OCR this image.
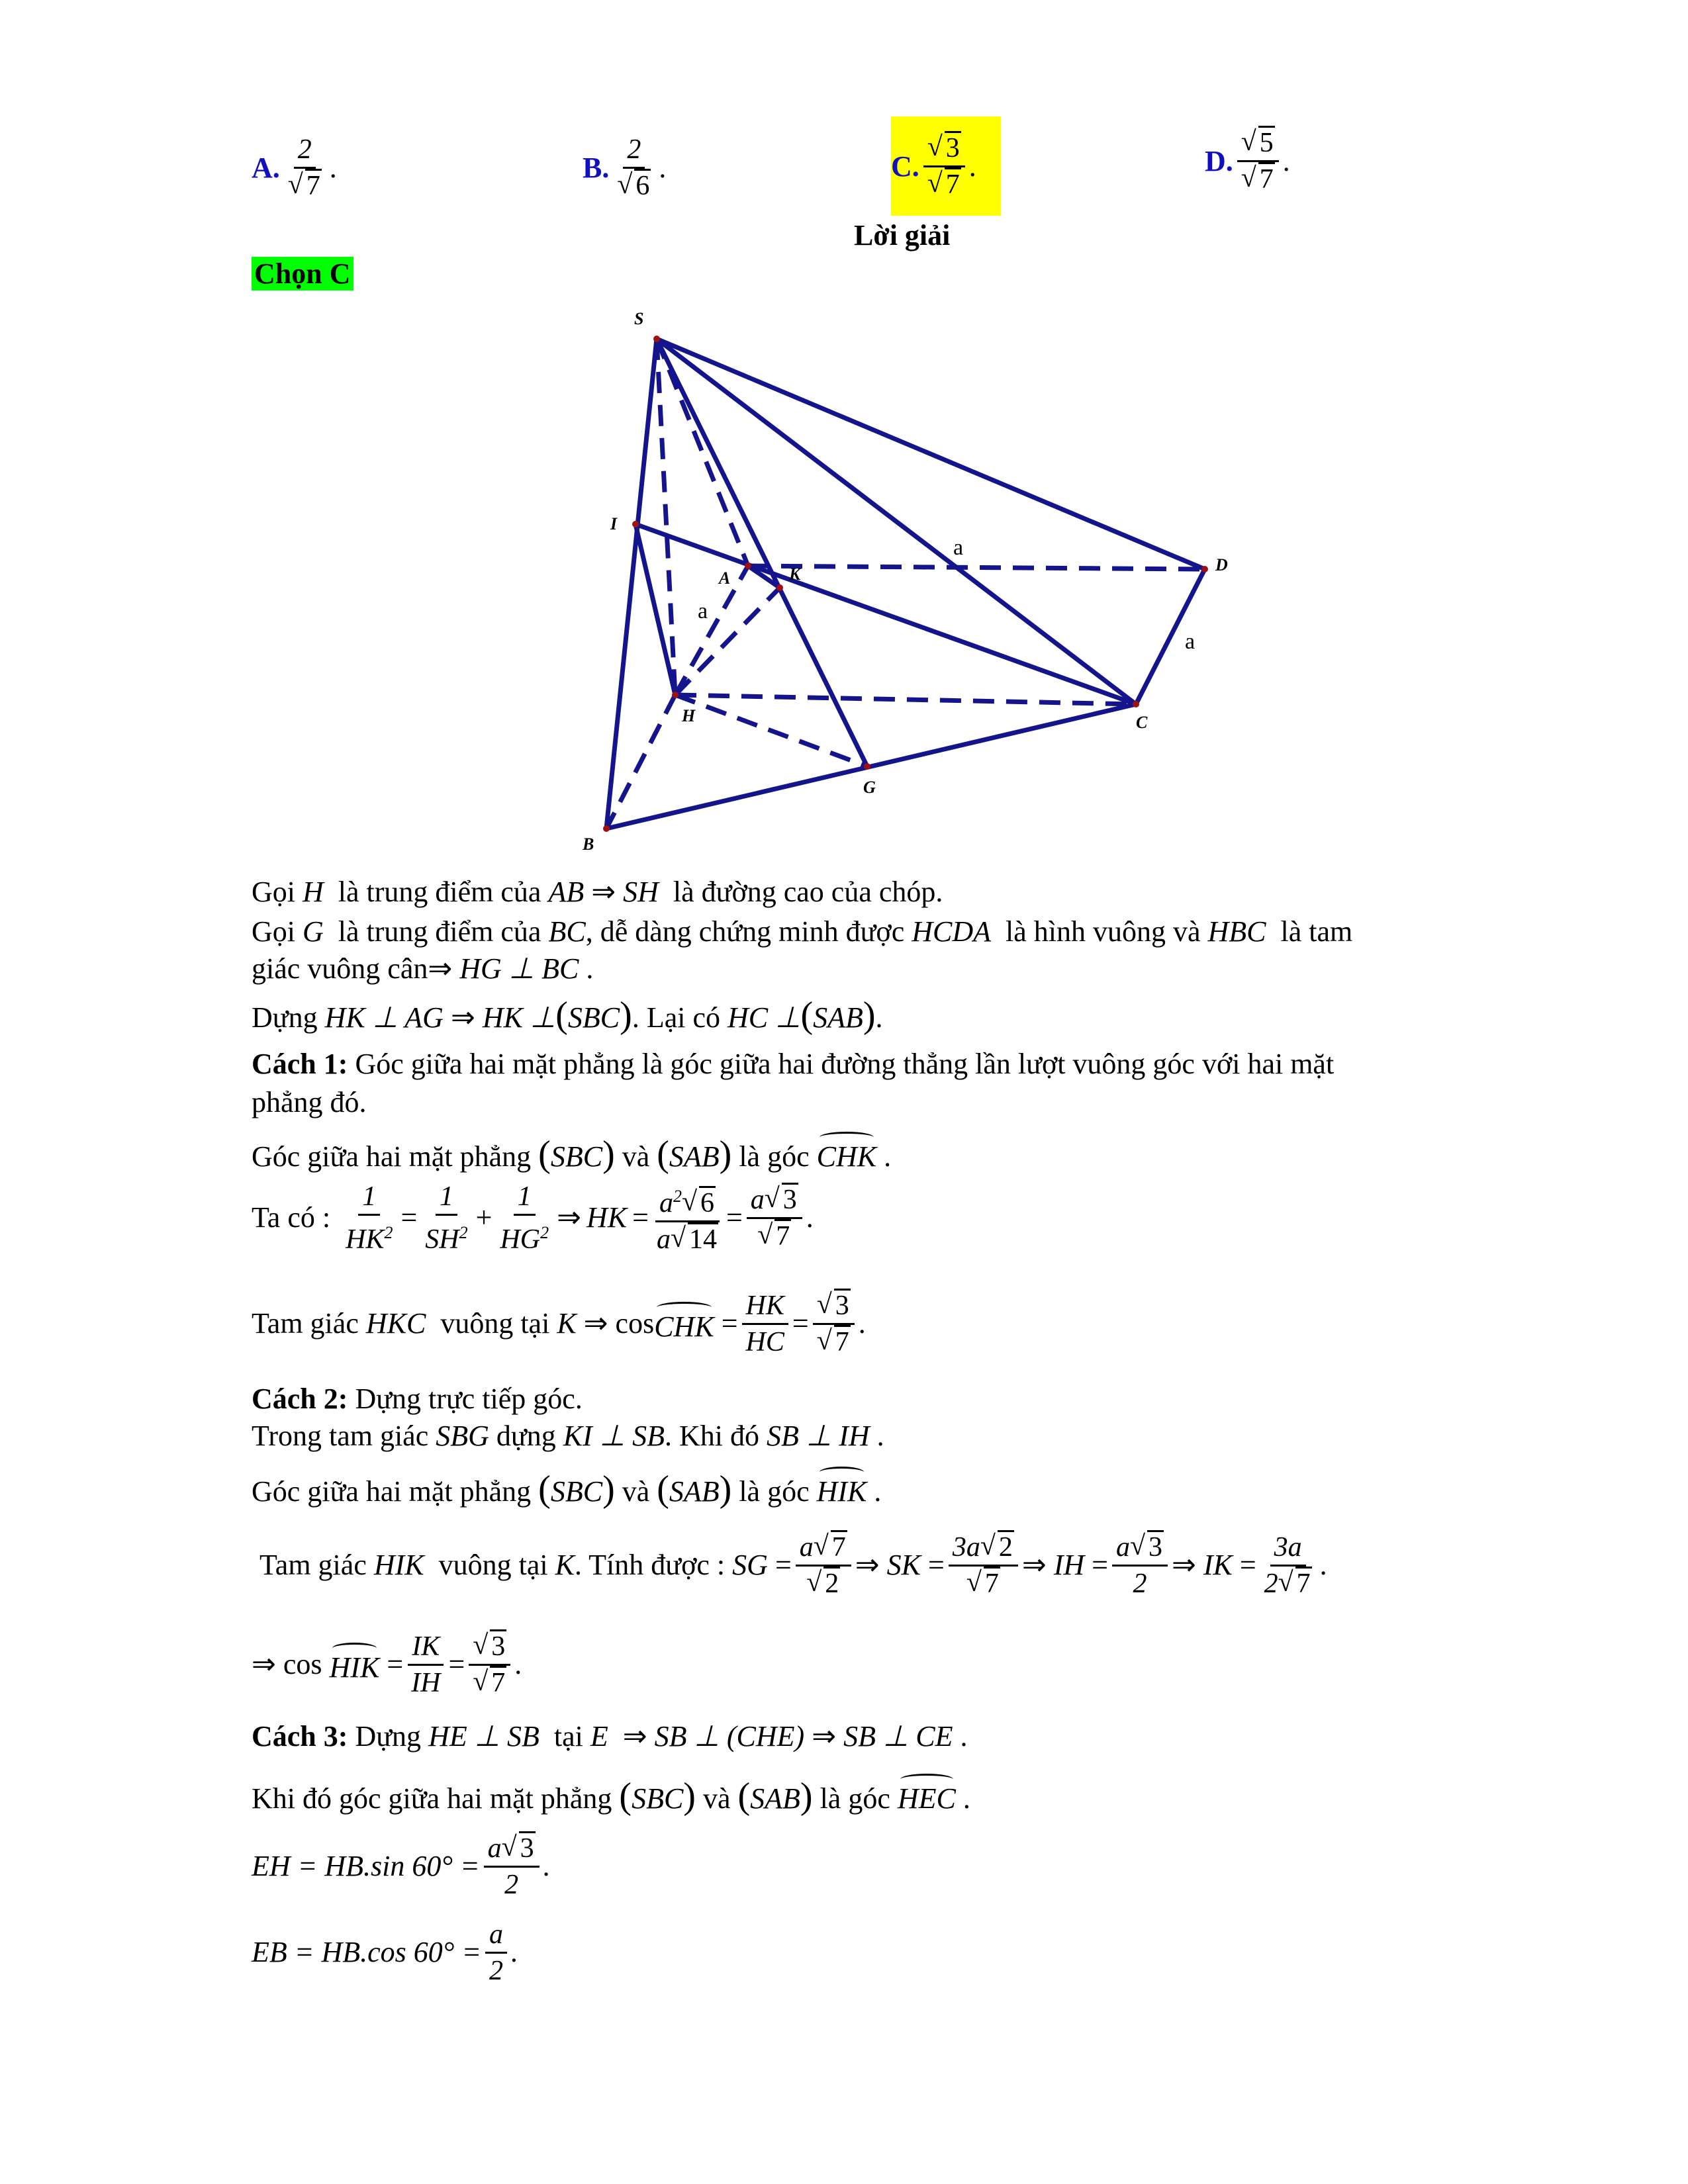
A. $\frac{2}{√ 7}$ .	B. $\frac{2}{√ 6}$ .	C. $\frac{√ 3}{√ 7}$ .	D. $\frac{√ 5}{√ 7}$ .
Lời giải
Chọn C
S
I
A	K	D
H	C
G
B
a
a
a
Gọi H là trung điểm của AB ⇒ SH là đường cao của chóp.
Gọi G là trung điểm của BC, dễ dàng chứng minh được HCDA là hình vuông và HBC là tam
giác vuông cân⇒ HG ⊥ BC .
Dựng HK ⊥ AG ⇒ HK ⊥(SBC). Lại có HC ⊥(SAB).
Cách 1: Góc giữa hai mặt phẳng là góc giữa hai đường thẳng lần lượt vuông góc với hai mặt
phẳng đó.
Góc giữa hai mặt phẳng (SBC) và (SAB) là góc CHK .
Ta có :
$\frac{1}{HK^2} = \frac{1}{SH^2} + \frac{1}{HG^2}$ ⇒ HK = $\frac{a^2 √ 6}{a √ 14} = \frac{a √ 3}{√ 7}$ .
Tam giác
HKC
vuông tại
K ⇒ cos CHK = $\frac{HK}{HC} = \frac{√ 3}{√ 7}$ .
Cách 2: Dựng trực tiếp góc.
Trong tam giác SBG dựng KI ⊥ SB. Khi đó SB ⊥ IH .
Góc giữa hai mặt phẳng (SBC) và (SAB) là góc HIK .
Tam giác
HIK
vuông tại
K . Tính được :
SG = $\frac{a √ 7}{√ 2}$ ⇒ SK = $\frac{3a √ 2}{√ 7}$ ⇒ IH = $\frac{a √ 3}{2}$ ⇒ IK = $\frac{3a}{2 √ 7}$ .
⇒ cos
HIK = $\frac{IK}{IH} = \frac{√ 3}{√ 7}$ .
Cách 3: Dựng HE ⊥ SB tại E  ⇒ SB ⊥ (CHE) ⇒ SB ⊥ CE .
Khi đó góc giữa hai mặt phẳng (SBC) và (SAB) là góc HEC .
EH = HB.sin $60^\circ = \frac{a √ 3}{2}$ .
EB = HB.cos $60^\circ = \frac{a}{2}$ .
